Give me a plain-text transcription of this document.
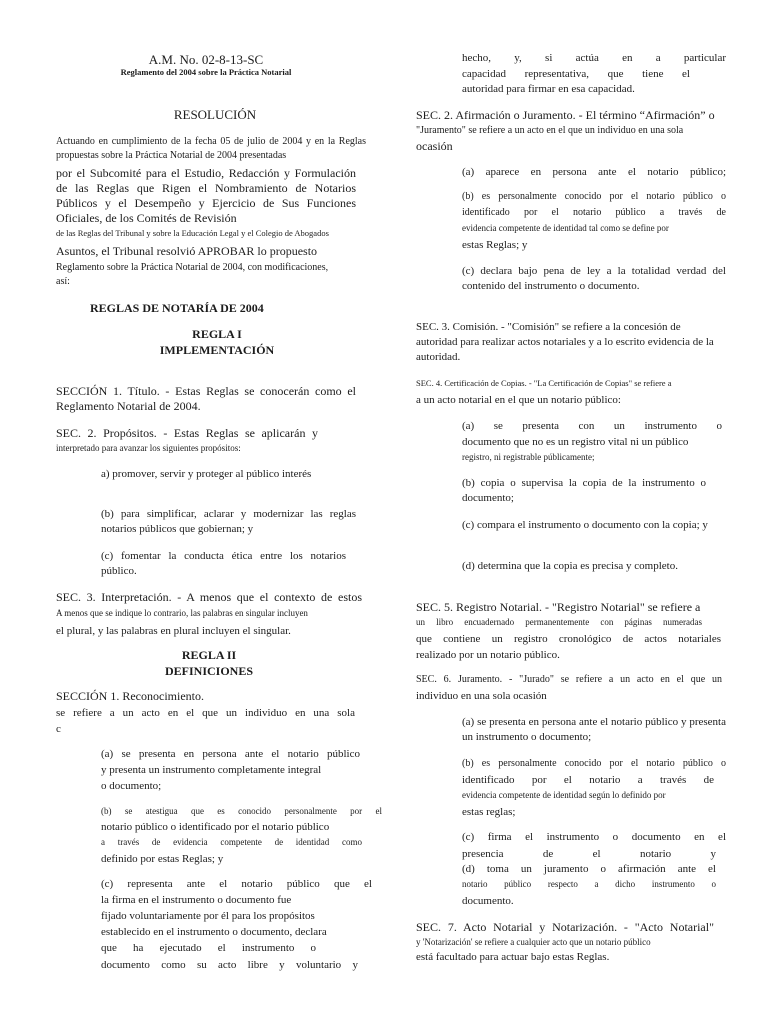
A.M. No. 02-8-13-SC
Reglamento del 2004 sobre la Práctica Notarial
RESOLUCIÓN
Actuando en cumplimiento de la fecha 05 de julio de 2004 y en la Reglas propuestas sobre la Práctica Notarial de 2004 presentadas
por el Subcomité para el Estudio, Redacción y Formulación de las Reglas que Rigen el Nombramiento de Notarios Públicos y el Desempeño y Ejercicio de Sus Funciones Oficiales, de los Comités de Revisión
de las Reglas del Tribunal y sobre la Educación Legal y el Colegio de Abogados
Asuntos, el Tribunal resolvió APROBAR lo propuesto
Reglamento sobre la Práctica Notarial de 2004, con modificaciones,
así:
REGLAS DE NOTARÍA DE 2004
REGLA I
IMPLEMENTACIÓN
SECCIÓN 1. Título. - Estas Reglas se conocerán como el Reglamento Notarial de 2004.
SEC. 2. Propósitos. - Estas Reglas se aplicarán y
interpretado para avanzar los siguientes propósitos:
a) promover, servir y proteger al público interés
(b) para simplificar, aclarar y modernizar las reglas notarios públicos que gobiernan; y
(c) fomentar la conducta ética entre los notarios público.
SEC. 3. Interpretación. - A menos que el contexto de estos
A menos que se indique lo contrario, las palabras en singular incluyen
el plural, y las palabras en plural incluyen el singular.
REGLA II
DEFINICIONES
SECCIÓN 1. Reconocimiento.
se refiere a un acto en el que un individuo en una sola
c
(a) se presenta en persona ante el notario público
y presenta un instrumento completamente integral
o documento;
(b) se atestigua que es conocido personalmente por el
notario público o identificado por el notario público
a través de evidencia competente de identidad como
definido por estas Reglas; y
(c) representa ante el notario público que el
la firma en el instrumento o documento fue
fijado voluntariamente por él para los propósitos
establecido en el instrumento o documento, declara
que ha ejecutado el instrumento o
documento como su acto libre y voluntario y
hecho, y, si actúa en a particular
capacidad representativa, que tiene el
autoridad para firmar en esa capacidad.
SEC. 2. Afirmación o Juramento. - El término “Afirmación” o
"Juramento" se refiere a un acto en el que un individuo en una sola
ocasión
(a) aparece en persona ante el notario público;
(b) es personalmente conocido por el notario público o
identificado por el notario público a través de
evidencia competente de identidad tal como se define por
estas Reglas; y
(c) declara bajo pena de ley a la totalidad verdad del contenido del instrumento o documento.
SEC. 3. Comisión. - "Comisión" se refiere a la concesión de autoridad para realizar actos notariales y a lo escrito evidencia de la autoridad.
SEC. 4. Certificación de Copias. - "La Certificación de Copias" se refiere a
a un acto notarial en el que un notario público:
(a) se presenta con un instrumento o
documento que no es un registro vital ni un público
registro, ni registrable públicamente;
(b) copia o supervisa la copia de la instrumento o documento;
(c) compara el instrumento o documento con la copia; y
(d) determina que la copia es precisa y completo.
SEC. 5. Registro Notarial. - "Registro Notarial" se refiere a
un libro encuadernado permanentemente con páginas numeradas
que contiene un registro cronológico de actos notariales
realizado por un notario público.
SEC. 6. Juramento. - "Jurado" se refiere a un acto en el que un
individuo en una sola ocasión
(a) se presenta en persona ante el notario público y presenta un instrumento o documento;
(b) es personalmente conocido por el notario público o
identificado por el notario a través de
evidencia competente de identidad según lo definido por
estas reglas;
(c) firma el instrumento o documento en el
presencia de el notario y
(d) toma un juramento o afirmación ante el
notario público respecto a dicho instrumento o
documento.
SEC. 7. Acto Notarial y Notarización. - "Acto Notarial"
y 'Notarización' se refiere a cualquier acto que un notario público
está facultado para actuar bajo estas Reglas.
